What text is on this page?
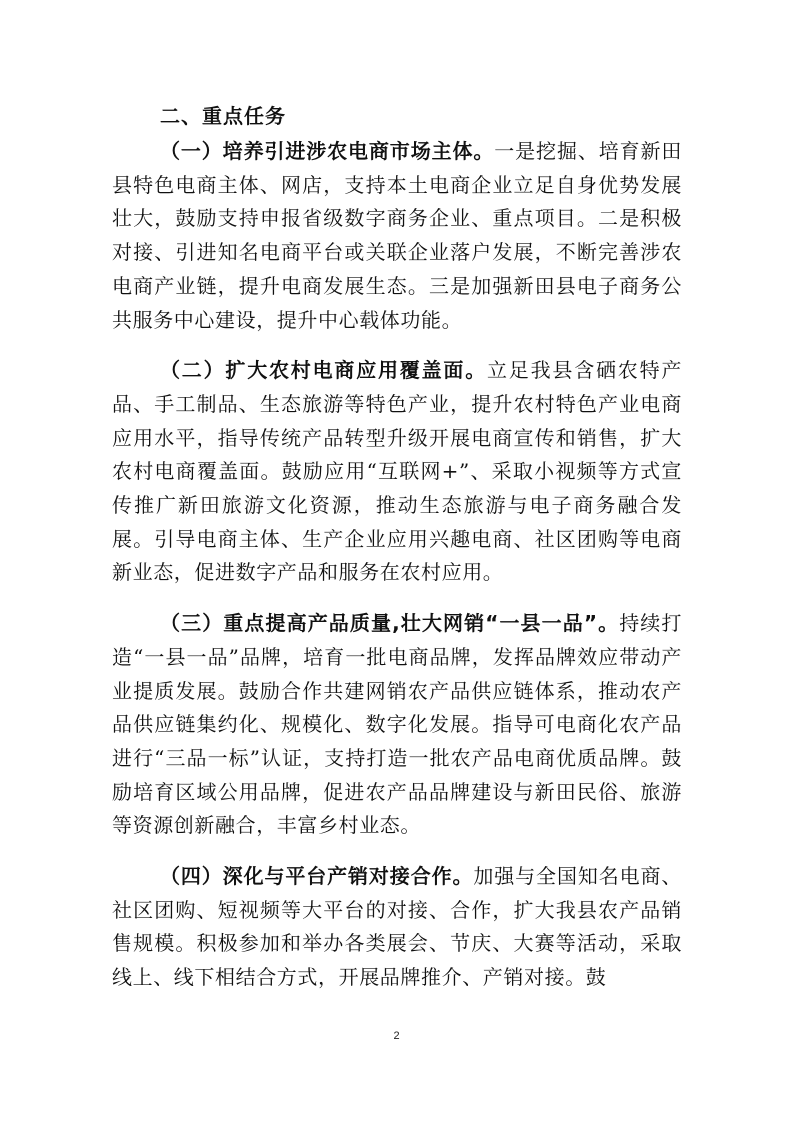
二、重点任务

（一）培养引进涉农电商市场主体。一是挖掘、培育新田县特色电商主体、网店，支持本土电商企业立足自身优势发展壮大，鼓励支持申报省级数字商务企业、重点项目。二是积极对接、引进知名电商平台或关联企业落户发展，不断完善涉农电商产业链，提升电商发展生态。三是加强新田县电子商务公共服务中心建设，提升中心载体功能。

（二）扩大农村电商应用覆盖面。立足我县含硒农特产品、手工制品、生态旅游等特色产业，提升农村特色产业电商应用水平，指导传统产品转型升级开展电商宣传和销售，扩大农村电商覆盖面。鼓励应用“互联网+”、采取小视频等方式宣传推广新田旅游文化资源，推动生态旅游与电子商务融合发展。引导电商主体、生产企业应用兴趣电商、社区团购等电商新业态，促进数字产品和服务在农村应用。

（三）重点提高产品质量,壮大网销“一县一品”。持续打造“一县一品”品牌，培育一批电商品牌，发挥品牌效应带动产业提质发展。鼓励合作共建网销农产品供应链体系，推动农产品供应链集约化、规模化、数字化发展。指导可电商化农产品进行“三品一标”认证，支持打造一批农产品电商优质品牌。鼓励培育区域公用品牌，促进农产品品牌建设与新田民俗、旅游等资源创新融合，丰富乡村业态。

（四）深化与平台产销对接合作。加强与全国知名电商、社区团购、短视频等大平台的对接、合作，扩大我县农产品销售规模。积极参加和举办各类展会、节庆、大赛等活动，采取线上、线下相结合方式，开展品牌推介、产销对接。鼓

2
